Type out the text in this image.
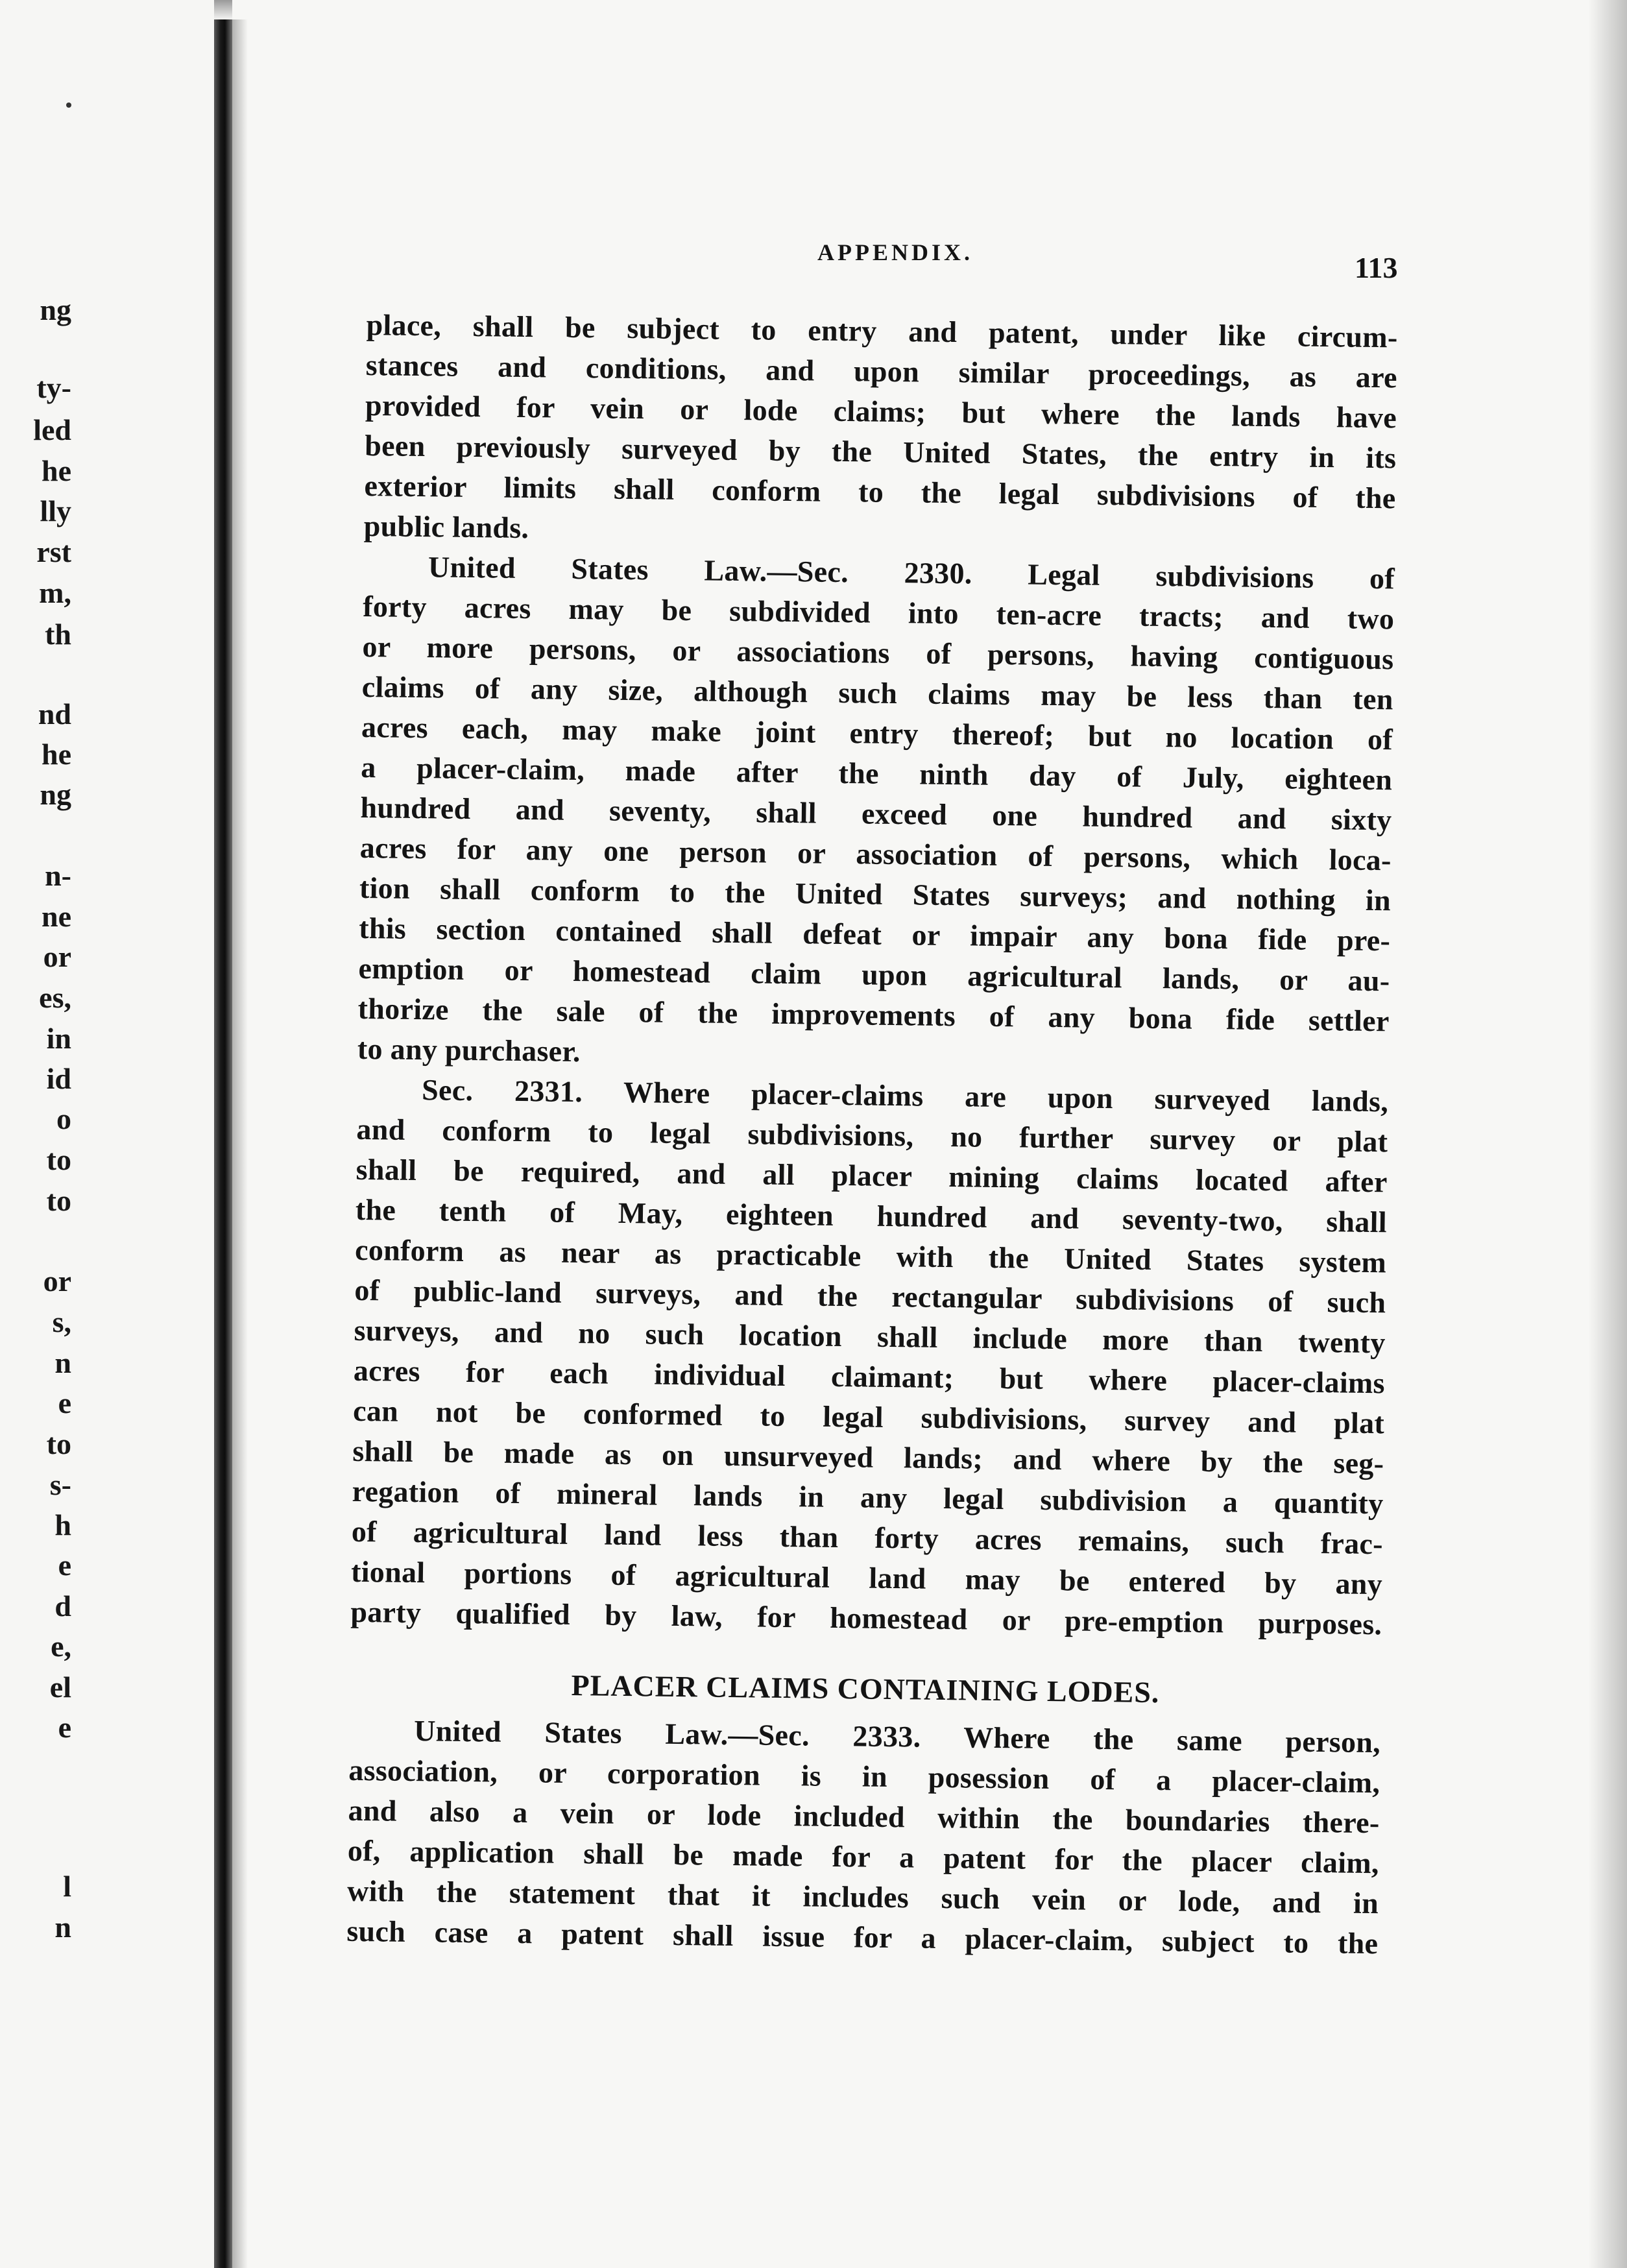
ng
ty-
led
he
lly
rst
m,
th
nd
he
ng
n-
ne
or
es,
in
id
o
to
to
or
s,
n
e
to
s-
h
e
d
e,
el
e
l
n
APPENDIX.	113
place, shall be subject to entry and patent, under like circum-
stances and conditions, and upon similar proceedings, as are
provided for vein or lode claims; but where the lands have
been previously surveyed by the United States, the entry in its
exterior limits shall conform to the legal subdivisions of the
public lands.
United States Law.—Sec. 2330. Legal subdivisions of
forty acres may be subdivided into ten-acre tracts; and two
or more persons, or associations of persons, having contiguous
claims of any size, although such claims may be less than ten
acres each, may make joint entry thereof; but no location of
a placer-claim, made after the ninth day of July, eighteen
hundred and seventy, shall exceed one hundred and sixty
acres for any one person or association of persons, which loca-
tion shall conform to the United States surveys; and nothing in
this section contained shall defeat or impair any bona fide pre-
emption or homestead claim upon agricultural lands, or au-
thorize the sale of the improvements of any bona fide settler
to any purchaser.
Sec. 2331. Where placer-claims are upon surveyed lands,
and conform to legal subdivisions, no further survey or plat
shall be required, and all placer mining claims located after
the tenth of May, eighteen hundred and seventy-two, shall
conform as near as practicable with the United States system
of public-land surveys, and the rectangular subdivisions of such
surveys, and no such location shall include more than twenty
acres for each individual claimant; but where placer-claims
can not be conformed to legal subdivisions, survey and plat
shall be made as on unsurveyed lands; and where by the seg-
regation of mineral lands in any legal subdivision a quantity
of agricultural land less than forty acres remains, such frac-
tional portions of agricultural land may be entered by any
party qualified by law, for homestead or pre-emption purposes.
PLACER CLAIMS CONTAINING LODES.
United States Law.—Sec. 2333. Where the same person,
association, or corporation is in posession of a placer-claim,
and also a vein or lode included within the boundaries there-
of, application shall be made for a patent for the placer claim,
with the statement that it includes such vein or lode, and in
such case a patent shall issue for a placer-claim, subject to the
